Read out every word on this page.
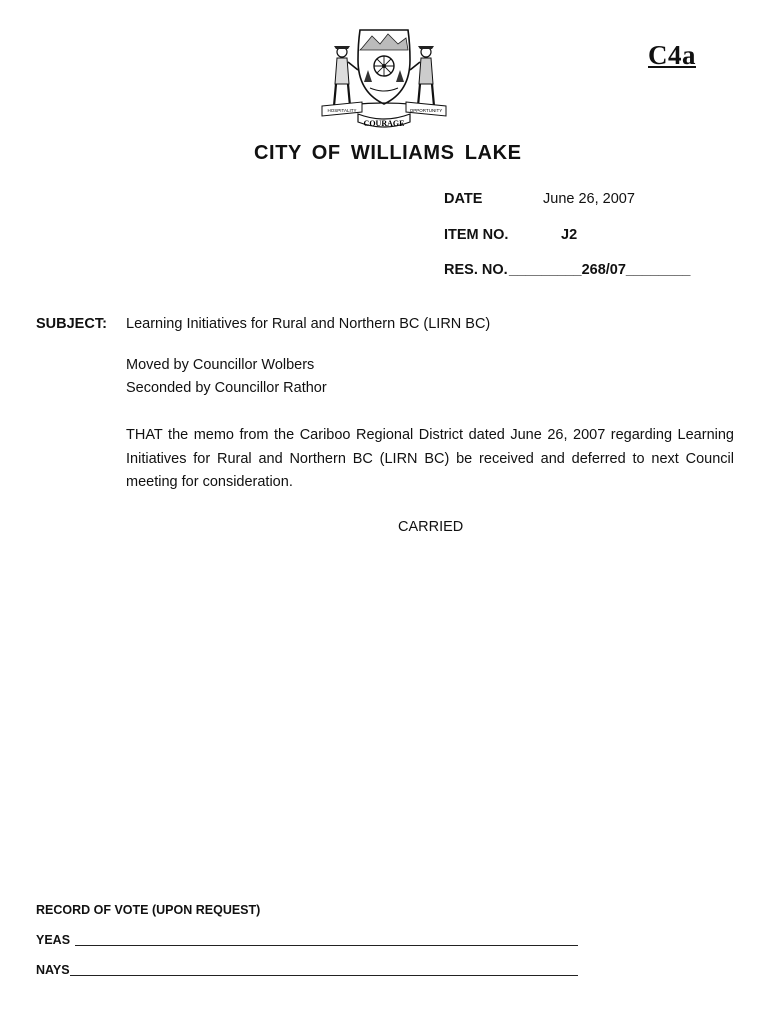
COURAGE
HOSPITALITY	OPPORTUNITY
C4a
CITY OF WILLIAMS LAKE
DATE	June 26, 2007
ITEM NO.	J2
RES. NO. _________268/07________
SUBJECT: Learning Initiatives for Rural and Northern BC (LIRN BC)
Moved by Councillor Wolbers
Seconded by Councillor Rathor
THAT the memo from the Cariboo Regional District dated June 26, 2007 regarding Learning Initiatives for Rural and Northern BC (LIRN BC) be received and deferred to next Council meeting for consideration.
CARRIED
RECORD OF VOTE (UPON REQUEST)
YEAS
NAYS
